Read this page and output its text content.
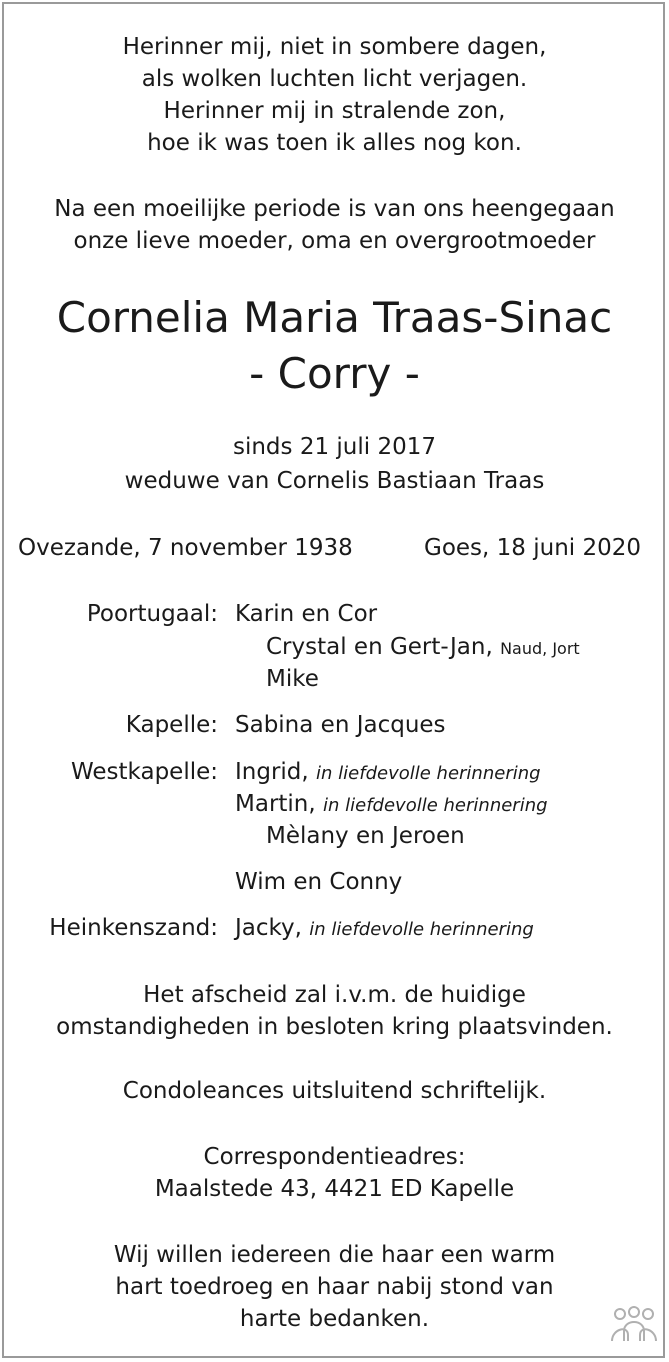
Herinner mij, niet in sombere dagen,
als wolken luchten licht verjagen.
Herinner mij in stralende zon,
hoe ik was toen ik alles nog kon.
Na een moeilijke periode is van ons heengegaan
onze lieve moeder, oma en overgrootmoeder
Cornelia Maria Traas-Sinac
- Corry -
sinds 21 juli 2017
weduwe van Cornelis Bastiaan Traas
Ovezande, 7 november 1938	Goes, 18 juni 2020
Poortugaal: Karin en Cor
Crystal en Gert-Jan, Naud, Jort
Mike
Kapelle: Sabina en Jacques
Westkapelle: Ingrid, in liefdevolle herinnering
Martin, in liefdevolle herinnering
Mèlany en Jeroen
Wim en Conny
Heinkenszand: Jacky, in liefdevolle herinnering
Het afscheid zal i.v.m. de huidige
omstandigheden in besloten kring plaatsvinden.
Condoleances uitsluitend schriftelijk.
Correspondentieadres:
Maalstede 43, 4421 ED Kapelle
Wij willen iedereen die haar een warm
hart toedroeg en haar nabij stond van
harte bedanken.
